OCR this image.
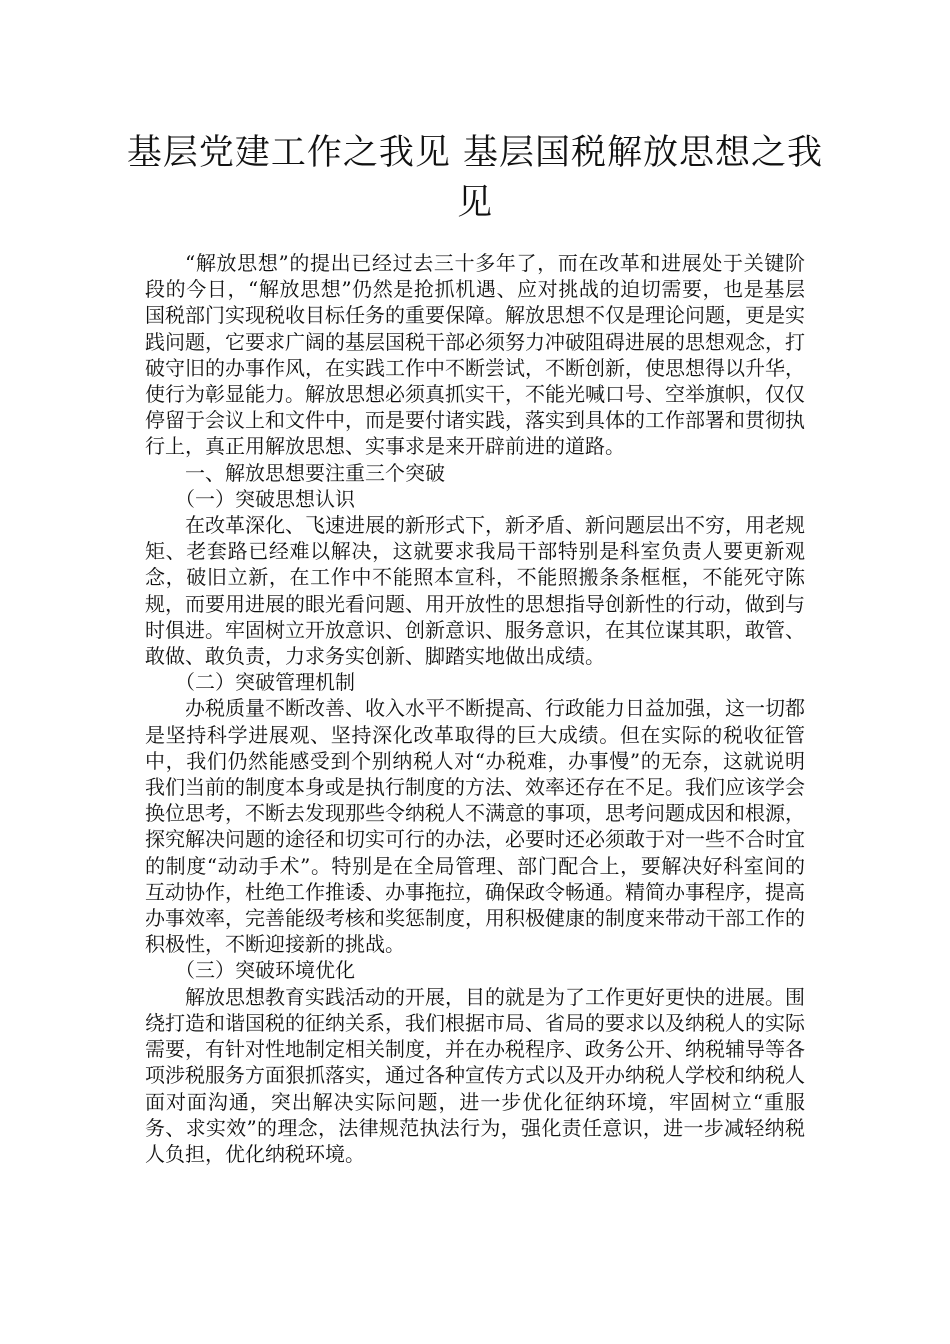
基层党建工作之我见 基层国税解放思想之我见

“解放思想”的提出已经过去三十多年了，而在改革和进展处于关键阶段的今日，“解放思想”仍然是抢抓机遇、应对挑战的迫切需要，也是基层国税部门实现税收目标任务的重要保障。解放思想不仅是理论问题，更是实践问题，它要求广阔的基层国税干部必须努力冲破阻碍进展的思想观念，打破守旧的办事作风，在实践工作中不断尝试，不断创新，使思想得以升华，使行为彰显能力。解放思想必须真抓实干，不能光喊口号、空举旗帜，仅仅停留于会议上和文件中，而是要付诸实践，落实到具体的工作部署和贯彻执行上，真正用解放思想、实事求是来开辟前进的道路。

一、解放思想要注重三个突破

（一）突破思想认识

在改革深化、飞速进展的新形式下，新矛盾、新问题层出不穷，用老规矩、老套路已经难以解决，这就要求我局干部特别是科室负责人要更新观念，破旧立新，在工作中不能照本宣科，不能照搬条条框框，不能死守陈规，而要用进展的眼光看问题、用开放性的思想指导创新性的行动，做到与时俱进。牢固树立开放意识、创新意识、服务意识，在其位谋其职，敢管、敢做、敢负责，力求务实创新、脚踏实地做出成绩。

（二）突破管理机制

办税质量不断改善、收入水平不断提高、行政能力日益加强，这一切都是坚持科学进展观、坚持深化改革取得的巨大成绩。但在实际的税收征管中，我们仍然能感受到个别纳税人对“办税难，办事慢”的无奈，这就说明我们当前的制度本身或是执行制度的方法、效率还存在不足。我们应该学会换位思考，不断去发现那些令纳税人不满意的事项，思考问题成因和根源，探究解决问题的途径和切实可行的办法，必要时还必须敢于对一些不合时宜的制度“动动手术”。特别是在全局管理、部门配合上，要解决好科室间的互动协作，杜绝工作推诿、办事拖拉，确保政令畅通。精简办事程序，提高办事效率，完善能级考核和奖惩制度，用积极健康的制度来带动干部工作的积极性，不断迎接新的挑战。

（三）突破环境优化

解放思想教育实践活动的开展，目的就是为了工作更好更快的进展。围绕打造和谐国税的征纳关系，我们根据市局、省局的要求以及纳税人的实际需要，有针对性地制定相关制度，并在办税程序、政务公开、纳税辅导等各项涉税服务方面狠抓落实，通过各种宣传方式以及开办纳税人学校和纳税人面对面沟通，突出解决实际问题，进一步优化征纳环境，牢固树立“重服务、求实效”的理念，法律规范执法行为，强化责任意识，进一步减轻纳税人负担，优化纳税环境。
